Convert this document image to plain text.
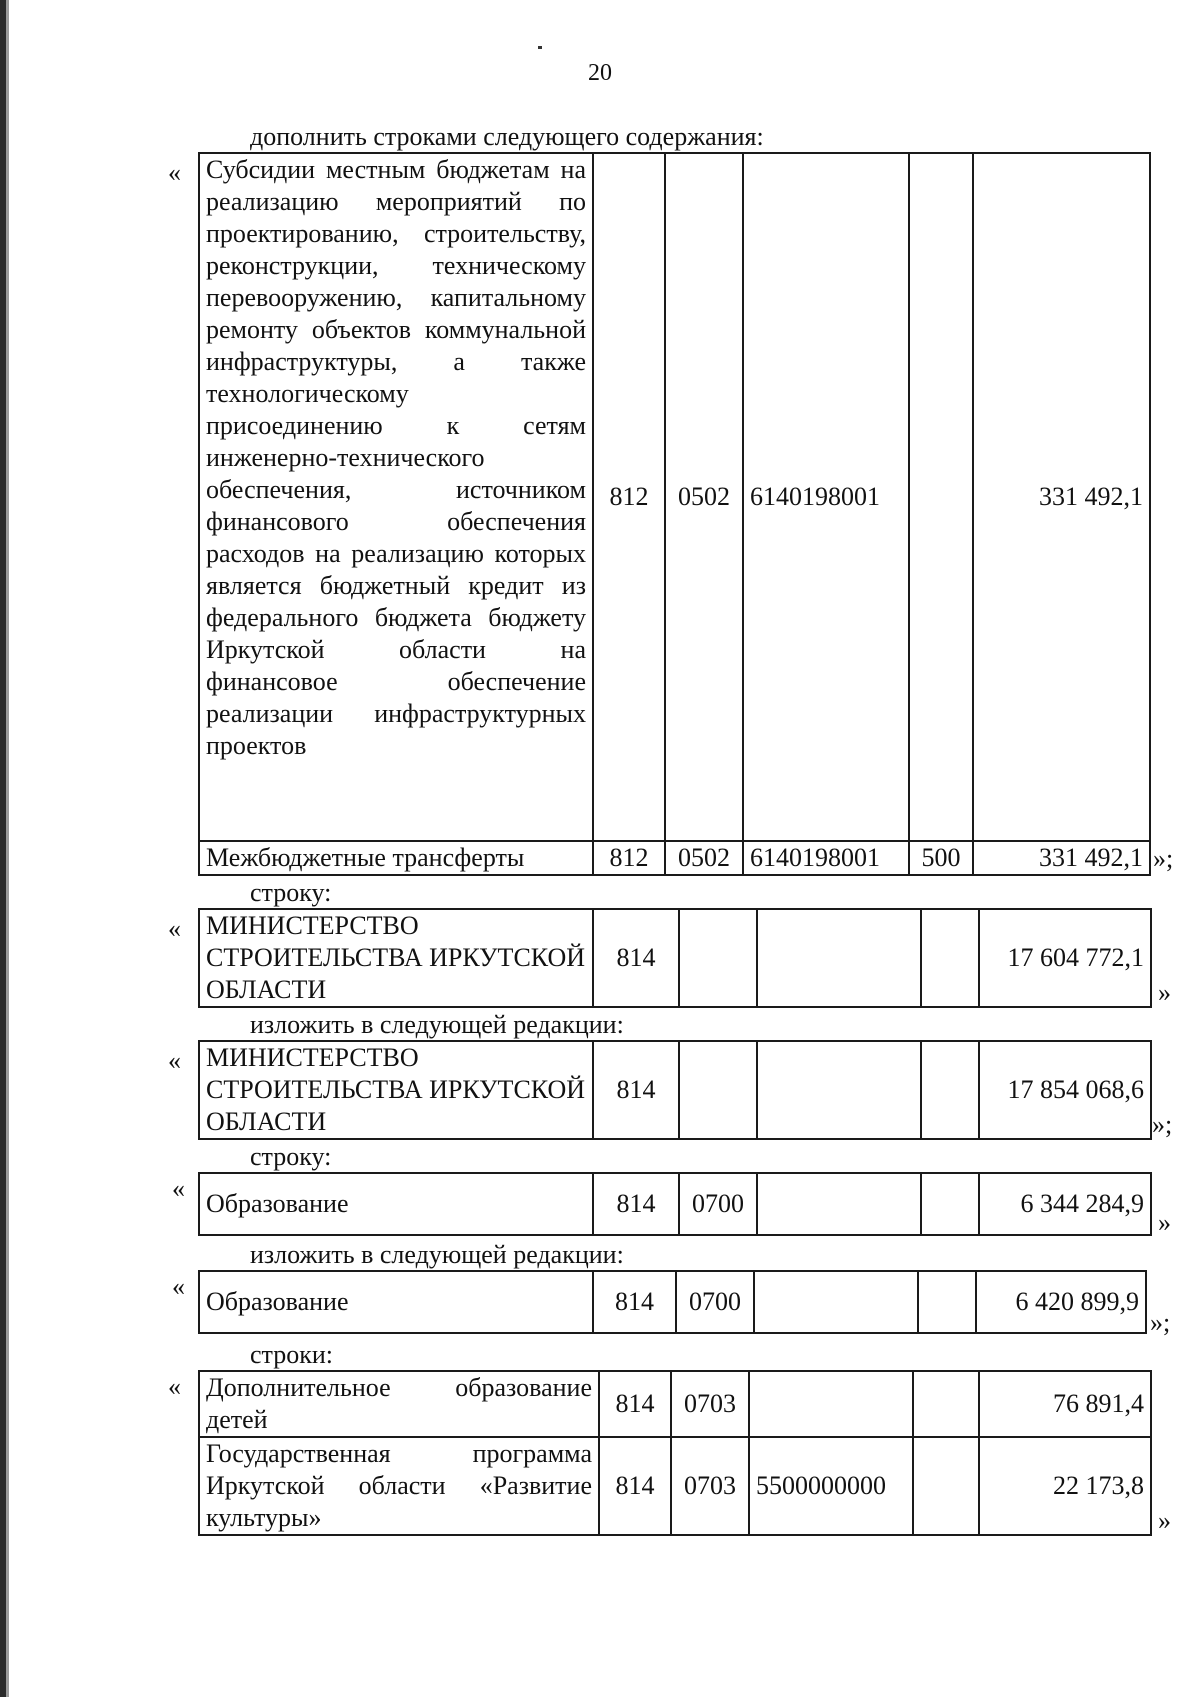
20
дополнить строками следующего содержания:
« Субсидии местным бюджетам на реализацию мероприятий по проектированию, строительству, реконструкции, техническому перевооружению, капитальному ремонту объектов коммунальной инфраструктуры, а также технологическому присоединению к сетям инженерно-технического обеспечения, источником финансового обеспечения расходов на реализацию которых является бюджетный кредит из федерального бюджета бюджету Иркутской области на финансовое обеспечение реализации инфраструктурных проектов	812	0502	6140198001		331 492,1
Межбюджетные трансферты	812	0502	6140198001	500	331 492,1 »;
строку:
« МИНИСТЕРСТВО СТРОИТЕЛЬСТВА ИРКУТСКОЙ ОБЛАСТИ	814				17 604 772,1
»
изложить в следующей редакции:
« МИНИСТЕРСТВО СТРОИТЕЛЬСТВА ИРКУТСКОЙ ОБЛАСТИ	814				17 854 068,6
»;
строку:
«
Образование	814	0700			6 344 284,9
»
изложить в следующей редакции:
«
Образование	814	0700			6 420 899,9
»;
строки:
« Дополнительное образование детей	814	0703			76 891,4
Государственная программа Иркутской области «Развитие культуры»	814	0703	5500000000		22 173,8
»
